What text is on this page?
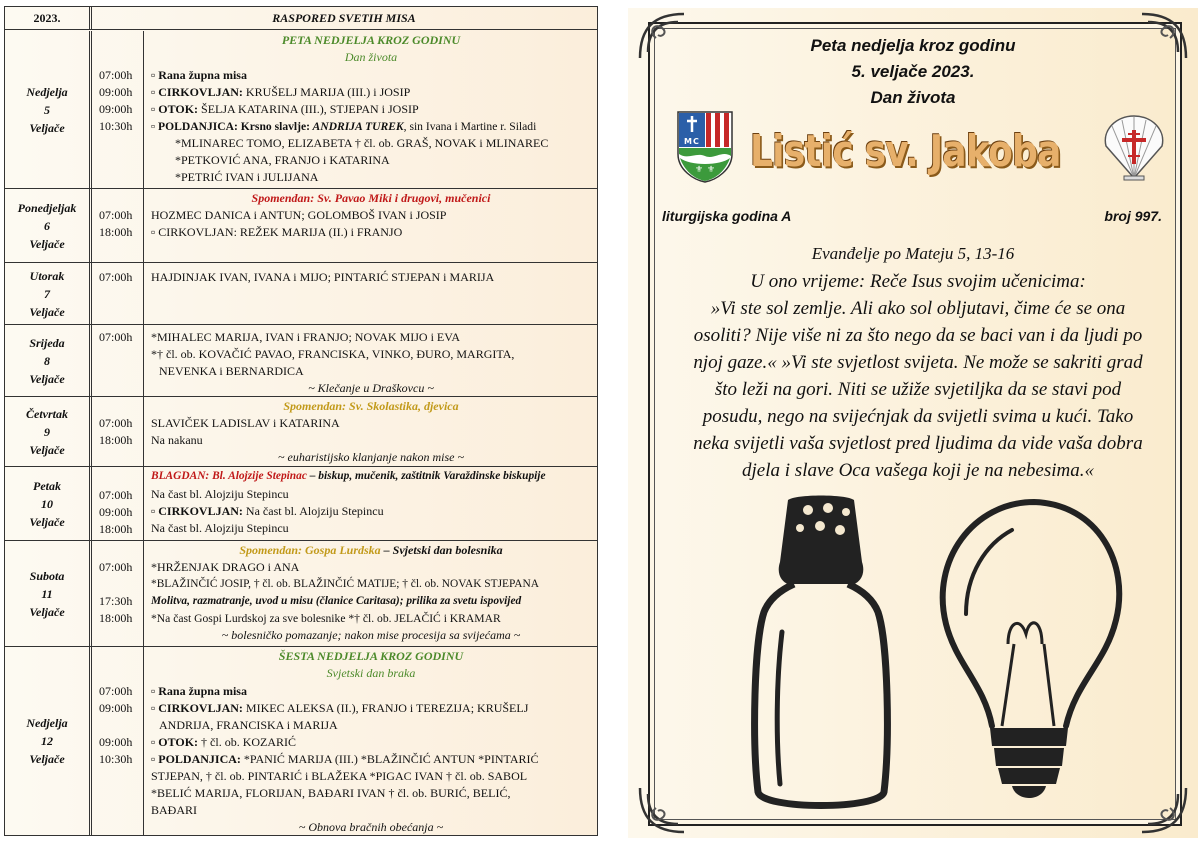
2023.	RASPORED SVETIH MISA
Nedjelja
5
Veljače
07:00h
09:00h
09:00h
10:30h
PETA NEDJELJA KROZ GODINU
Dan života
▫ Rana župna misa
▫ CIRKOVLJAN: KRUŠELJ MARIJA (III.) i JOSIP
▫ OTOK: ŠELJA KATARINA (III.), STJEPAN i JOSIP
▫ POLDANJICA: Krsno slavlje: ANDRIJA TUREK, sin Ivana i Martine r. Siladi
*MLINAREC TOMO, ELIZABETA † čl. ob. GRAŠ, NOVAK i MLINAREC
*PETKOVIĆ ANA, FRANJO i KATARINA
*PETRIĆ IVAN i JULIJANA
Ponedjeljak
6
Veljače
07:00h
18:00h
Spomendan: Sv. Pavao Miki i drugovi, mučenici
HOZMEC DANICA i ANTUN; GOLOMBOŠ IVAN i JOSIP
▫ CIRKOVLJAN: REŽEK MARIJA (II.) i FRANJO
Utorak
7
Veljače
07:00h HAJDINJAK IVAN, IVANA i MIJO; PINTARIĆ STJEPAN i MARIJA
Srijeda
8
Veljače
07:00h *MIHALEC MARIJA, IVAN i FRANJO; NOVAK MIJO i EVA
*† čl. ob. KOVAČIĆ PAVAO, FRANCISKA, VINKO, ĐURO, MARGITA,
NEVENKA i BERNARDICA
~ Klečanje u Draškovcu ~
Četvrtak
9
Veljače
07:00h
18:00h
Spomendan: Sv. Skolastika, djevica
SLAVIČEK LADISLAV i KATARINA
Na nakanu
~ euharistijsko klanjanje nakon mise ~
Petak
10
Veljače
07:00h
09:00h
18:00h
BLAGDAN: Bl. Alojzije Stepinac – biskup, mučenik, zaštitnik Varaždinske biskupije
Na čast bl. Alojziju Stepincu
▫ CIRKOVLJAN: Na čast bl. Alojziju Stepincu
Na čast bl. Alojziju Stepincu
Subota
11
Veljače
07:00h
17:30h
18:00h
Spomendan: Gospa Lurdska – Svjetski dan bolesnika
*HRŽENJAK DRAGO i ANA
*BLAŽINČIĆ JOSIP, † čl. ob. BLAŽINČIĆ MATIJE; † čl. ob. NOVAK STJEPANA
Molitva, razmatranje, uvod u misu (članice Caritasa); prilika za svetu ispovijed
*Na čast Gospi Lurdskoj za sve bolesnike *† čl. ob. JELAČIĆ i KRAMAR
~ bolesničko pomazanje; nakon mise procesija sa svijećama ~
Nedjelja
12
Veljače
07:00h
09:00h
09:00h
10:30h
ŠESTA NEDJELJA KROZ GODINU
Svjetski dan braka
▫ Rana župna misa
▫ CIRKOVLJAN: MIKEC ALEKSA (II.), FRANJO i TEREZIJA; KRUŠELJ
ANDRIJA, FRANCISKA i MARIJA
▫ OTOK: † čl. ob. KOZARIĆ
▫ POLDANJICA: *PANIĆ MARIJA (III.) *BLAŽINČIĆ ANTUN *PINTARIĆ
STJEPAN, † čl. ob. PINTARIĆ i BLAŽEKA *PIGAC IVAN † čl. ob. SABOL
*BELIĆ MARIJA, FLORIJAN, BAĐARI IVAN † čl. ob. BURIĆ, BELIĆ,
BAĐARI
~ Obnova bračnih obećanja ~
Peta nedjelja kroz godinu
5. veljače 2023.
Dan života
M C
⚜ ⚜ Listić sv. Jakoba
liturgijska godina A	broj 997.
Evanđelje po Mateju 5, 13-16
U ono vrijeme: Reče Isus svojim učenicima:
»Vi ste sol zemlje. Ali ako sol obljutavi, čime će se ona
osoliti? Nije više ni za što nego da se baci van i da ljudi po
njoj gaze.« »Vi ste svjetlost svijeta. Ne može se sakriti grad
što leži na gori. Niti se užiže svjetiljka da se stavi pod
posudu, nego na svijećnjak da svijetli svima u kući. Tako
neka svijetli vaša svjetlost pred ljudima da vide vaša dobra
djela i slave Oca vašega koji je na nebesima.«
